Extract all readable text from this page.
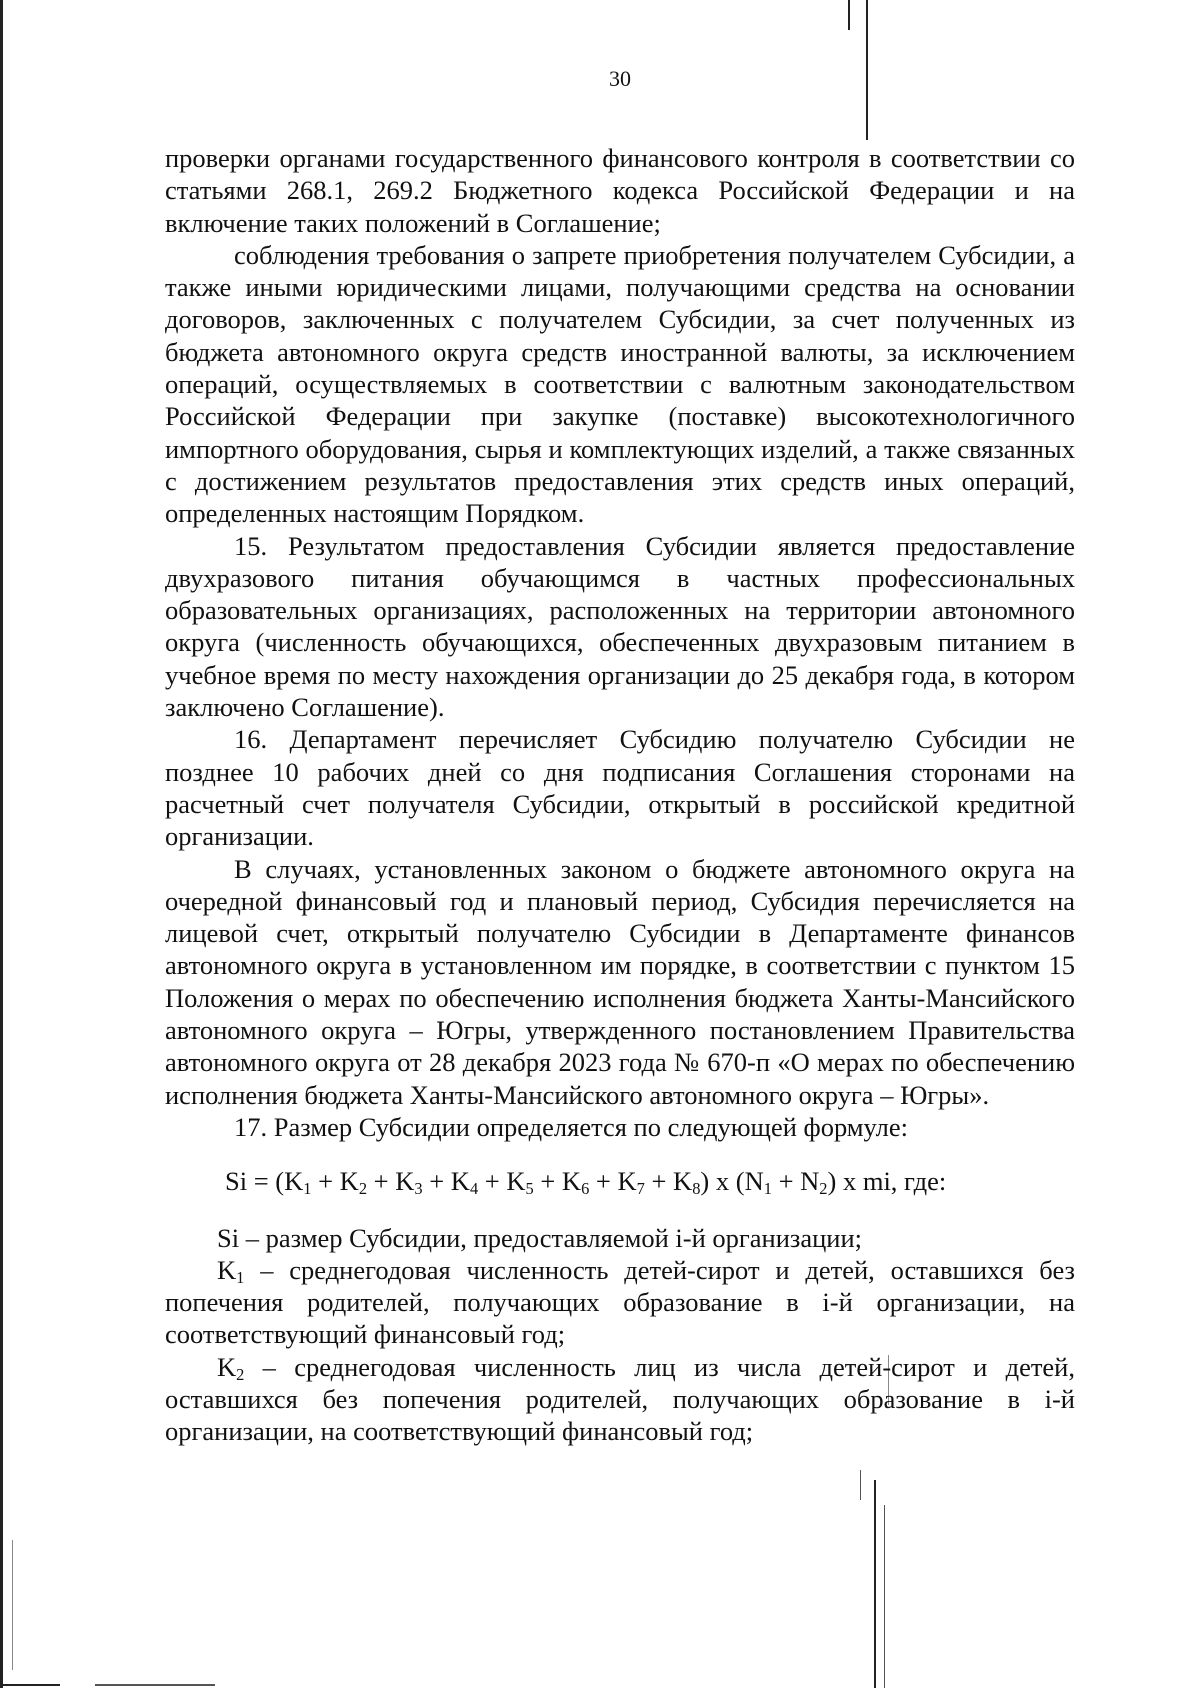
30

проверки органами государственного финансового контроля в соответствии со статьями 268.1, 269.2 Бюджетного кодекса Российской Федерации и на включение таких положений в Соглашение;

соблюдения требования о запрете приобретения получателем Субсидии, а также иными юридическими лицами, получающими средства на основании договоров, заключенных с получателем Субсидии, за счет полученных из бюджета автономного округа средств иностранной валюты, за исключением операций, осуществляемых в соответствии с валютным законодательством Российской Федерации при закупке (поставке) высокотехнологичного импортного оборудования, сырья и комплектующих изделий, а также связанных с достижением результатов предоставления этих средств иных операций, определенных настоящим Порядком.

15. Результатом предоставления Субсидии является предоставление двухразового питания обучающимся в частных профессиональных образовательных организациях, расположенных на территории автономного округа (численность обучающихся, обеспеченных двухразовым питанием в учебное время по месту нахождения организации до 25 декабря года, в котором заключено Соглашение).

16. Департамент перечисляет Субсидию получателю Субсидии не позднее 10 рабочих дней со дня подписания Соглашения сторонами на расчетный счет получателя Субсидии, открытый в российской кредитной организации.

В случаях, установленных законом о бюджете автономного округа на очередной финансовый год и плановый период, Субсидия перечисляется на лицевой счет, открытый получателю Субсидии в Департаменте финансов автономного округа в установленном им порядке, в соответствии с пунктом 15 Положения о мерах по обеспечению исполнения бюджета Ханты-Мансийского автономного округа – Югры, утвержденного постановлением Правительства автономного округа от 28 декабря 2023 года № 670-п «О мерах по обеспечению исполнения бюджета Ханты-Мансийского автономного округа – Югры».

17. Размер Субсидии определяется по следующей формуле:

$Si = (K_1 + K_2 + K_3 + K_4 + K_5 + K_6 + K_7 + K_8)$ x $(N_1 + N_2)$ x mi, где:

Si – размер Субсидии, предоставляемой i-й организации;

$K_1$ – среднегодовая численность детей-сирот и детей, оставшихся без попечения родителей, получающих образование в i-й организации, на соответствующий финансовый год;

$K_2$ – среднегодовая численность лиц из числа детей-сирот и детей, оставшихся без попечения родителей, получающих образование в i-й организации, на соответствующий финансовый год;
